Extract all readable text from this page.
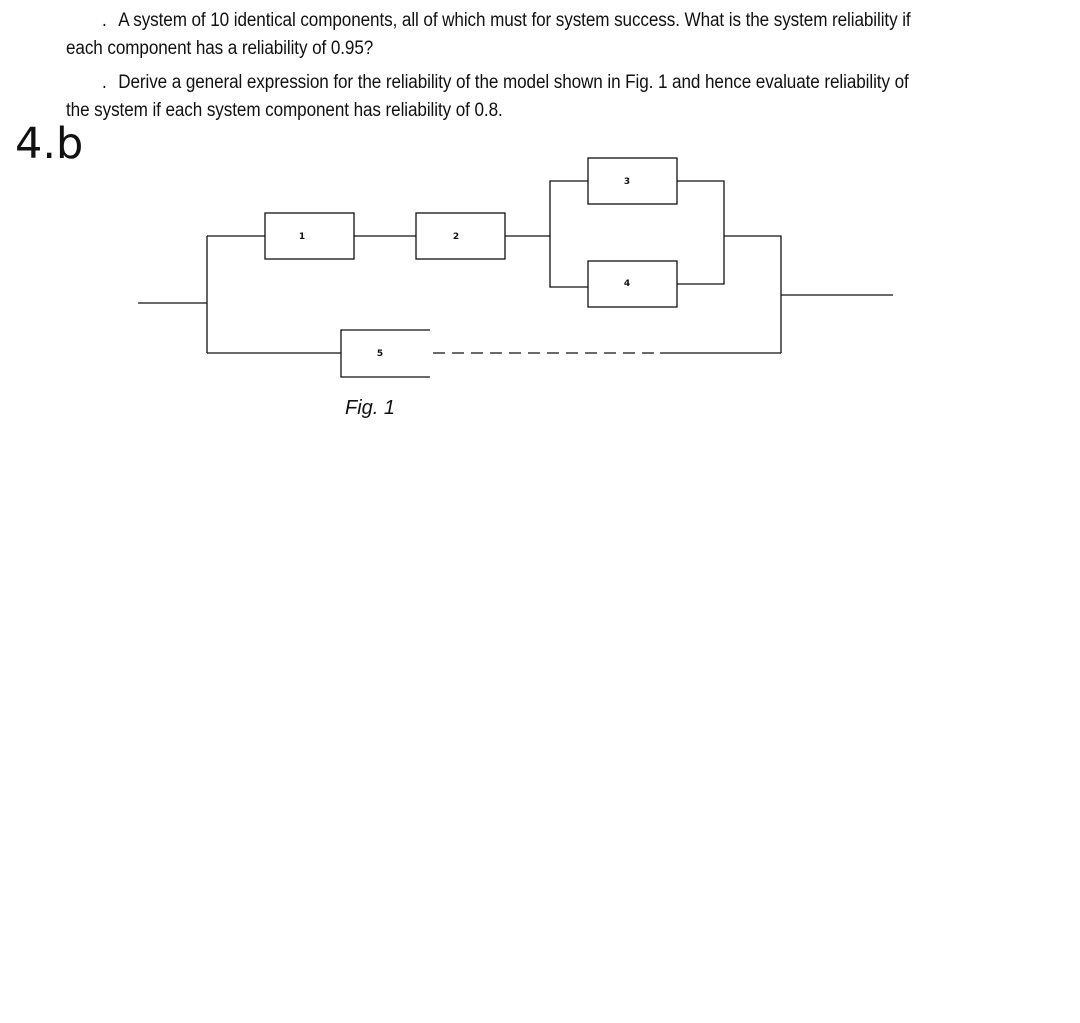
. A system of 10 identical components, all of which must for system success. What is the system reliability if
each component has a reliability of 0.95?
. Derive a general expression for the reliability of the model shown in Fig. 1 and hence evaluate reliability of
the system if each system component has reliability of 0.8.
4.b
1	2
3
4
5
Fig. 1
